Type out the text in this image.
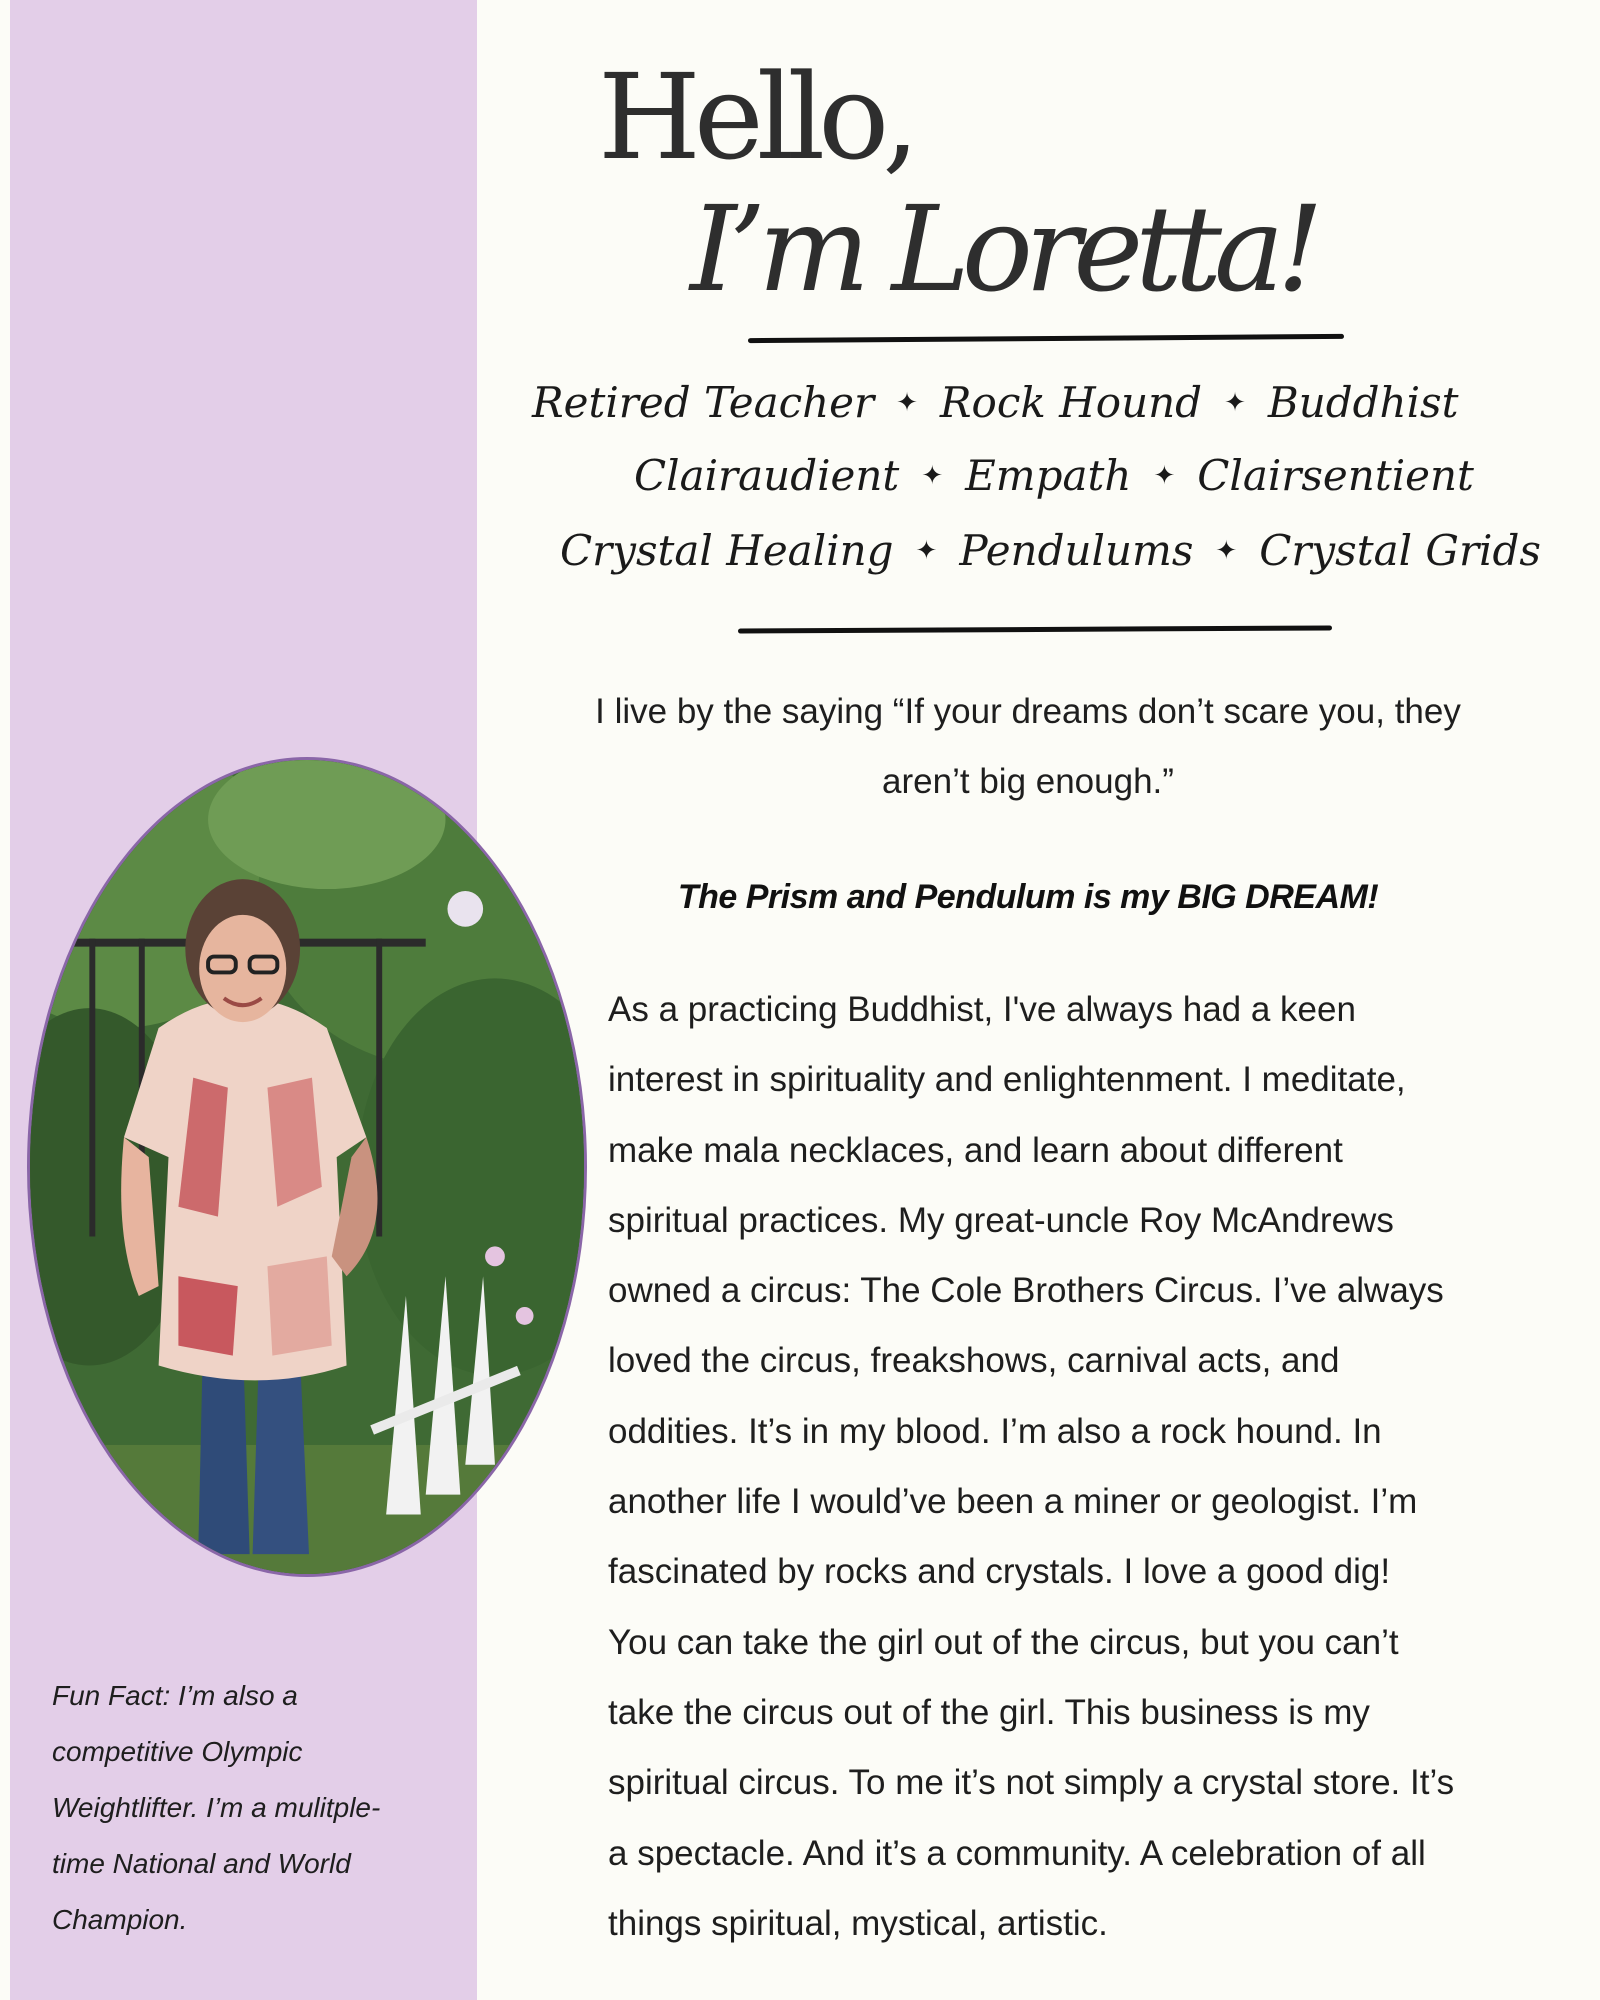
Fun Fact: I’m also a
competitive Olympic
Weightlifter. I’m a mulitple-
time National and World
Champion.
Hello,
I’m Loretta!
Retired Teacher ✦ Rock Hound ✦ Buddhist
Clairaudient ✦ Empath ✦ Clairsentient
Crystal Healing ✦ Pendulums ✦ Crystal Grids
I live by the saying “If your dreams don’t scare you, they aren’t big enough.”
The Prism and Pendulum is my BIG DREAM!
As a practicing Buddhist, I've always had a keen
interest in spirituality and enlightenment. I meditate,
make mala necklaces, and learn about different
spiritual practices. My great-uncle Roy McAndrews
owned a circus: The Cole Brothers Circus. I’ve always
loved the circus, freakshows, carnival acts, and
oddities. It’s in my blood. I’m also a rock hound. In
another life I would’ve been a miner or geologist. I’m
fascinated by rocks and crystals. I love a good dig!
You can take the girl out of the circus, but you can’t
take the circus out of the girl. This business is my
spiritual circus. To me it’s not simply a crystal store. It’s
a spectacle. And it’s a community. A celebration of all
things spiritual, mystical, artistic.
